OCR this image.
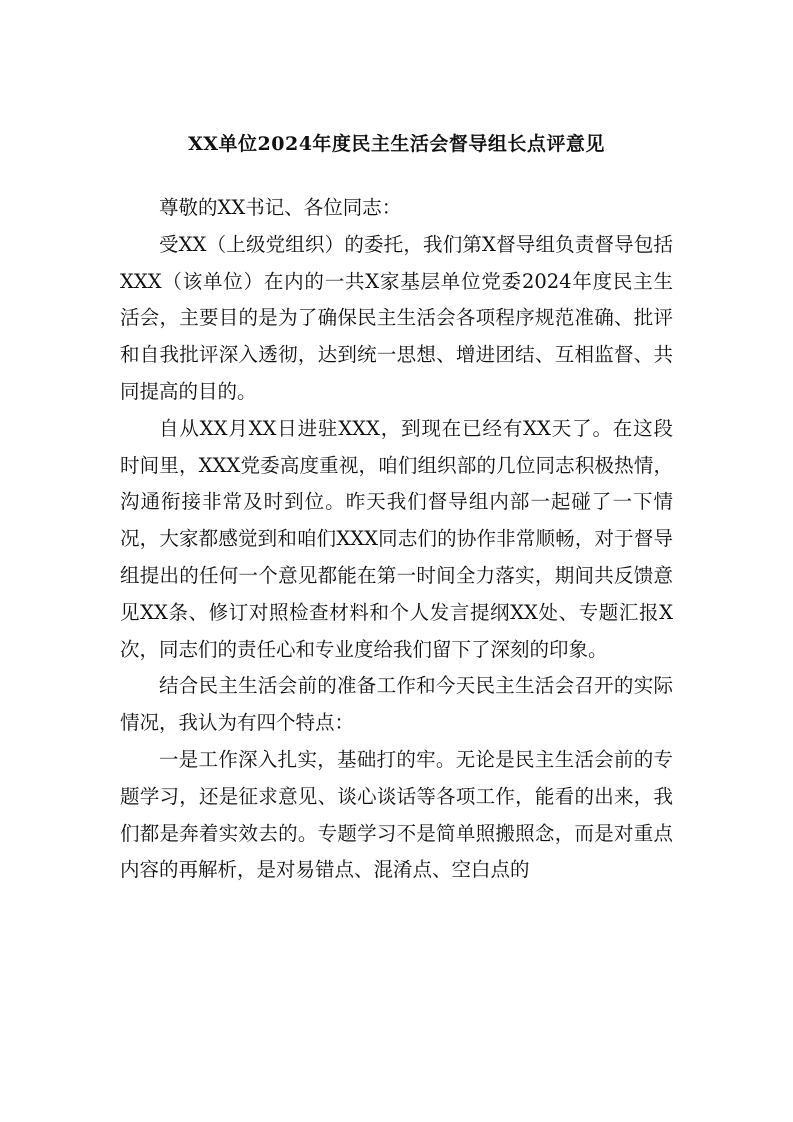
XX单位2024年度民主生活会督导组长点评意见

尊敬的XX书记、各位同志：

受XX（上级党组织）的委托，我们第X督导组负责督导包括XXX（该单位）在内的一共X家基层单位党委2024年度民主生活会，主要目的是为了确保民主生活会各项程序规范准确、批评和自我批评深入透彻，达到统一思想、增进团结、互相监督、共同提高的目的。

自从XX月XX日进驻XXX，到现在已经有XX天了。在这段时间里，XXX党委高度重视，咱们组织部的几位同志积极热情，沟通衔接非常及时到位。昨天我们督导组内部一起碰了一下情况，大家都感觉到和咱们XXX同志们的协作非常顺畅，对于督导组提出的任何一个意见都能在第一时间全力落实，期间共反馈意见XX条、修订对照检查材料和个人发言提纲XX处、专题汇报X次，同志们的责任心和专业度给我们留下了深刻的印象。

结合民主生活会前的准备工作和今天民主生活会召开的实际情况，我认为有四个特点：

一是工作深入扎实，基础打的牢。无论是民主生活会前的专题学习，还是征求意见、谈心谈话等各项工作，能看的出来，我们都是奔着实效去的。专题学习不是简单照搬照念，而是对重点内容的再解析，是对易错点、混淆点、空白点的
